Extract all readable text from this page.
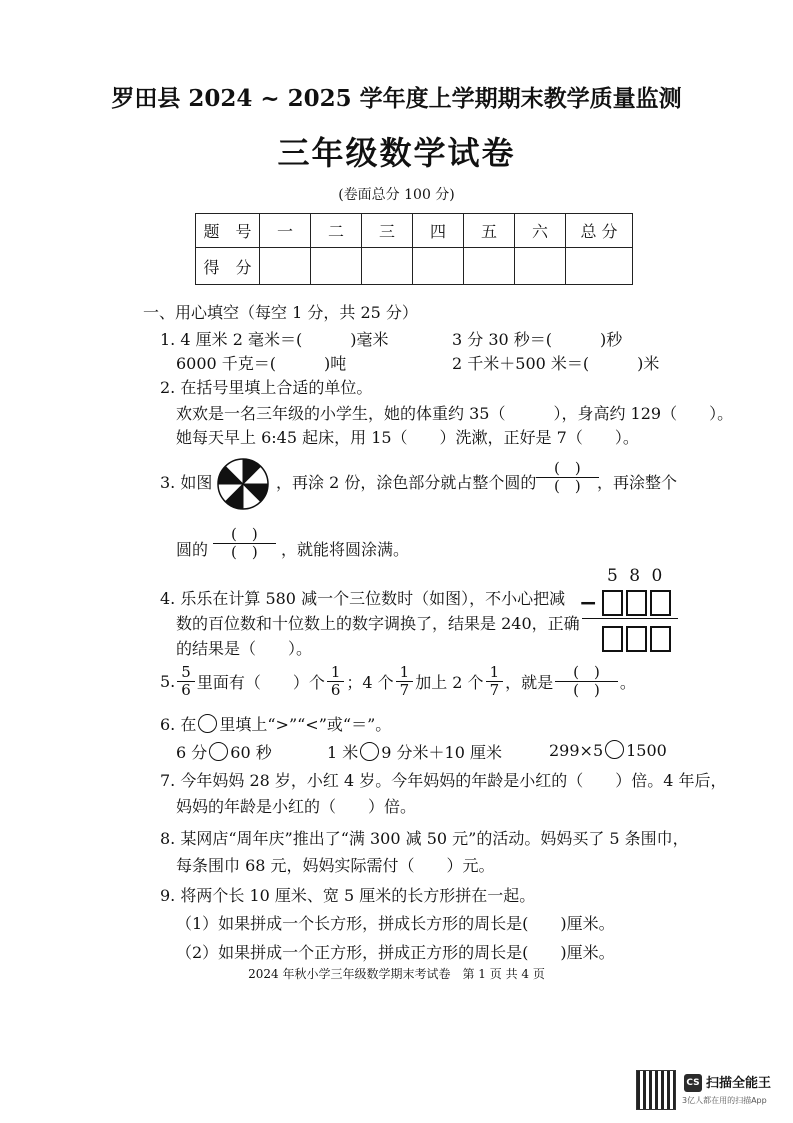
罗田县 2024 ~ 2025 学年度上学期期末教学质量监测
三年级数学试卷
(卷面总分 100 分)
题　号	一	二	三	四	五	六	总 分
得　分							
一、用心填空（每空 1 分，共 25 分）
1. 4 厘米 2 毫米＝(　　　)毫米	3 分 30 秒＝(　　　)秒
6000 千克＝(　　　)吨	2 千米＋500 米＝(　　　)米
2. 在括号里填上合适的单位。
欢欢是一名三年级的小学生，她的体重约 35（　　　），身高约 129（　　）。
她每天早上 6:45 起床，用 15（　　）洗漱，正好是 7（　　）。
3. 如图	，再涂 2 份，涂色部分就占整个圆的
(　)
(　)	，再涂整个
圆的
(　)
(　)	，就能将圆涂满。
4. 乐乐在计算 580 减一个三位数时（如图），不小心把减
数的百位数和十位数上的数字调换了，结果是 240，正确
的结果是（　　）。
5 8 0
−
5. $\frac{5}{6}$ 里面有（　　）个 $\frac{1}{6}$ ；4 个 $\frac{1}{7}$ 加上 2 个 $\frac{1}{7}$ ，就是 $\frac{( )}{( )}$ 。
6. 在 里填上“>”“<”或“＝”。
6 分 60 秒	1 米 9 分米＋10 厘米	299×5 1500
7. 今年妈妈 28 岁，小红 4 岁。今年妈妈的年龄是小红的（　　）倍。4 年后，
妈妈的年龄是小红的（　　）倍。
8. 某网店“周年庆”推出了“满 300 减 50 元”的活动。妈妈买了 5 条围巾，
每条围巾 68 元，妈妈实际需付（　　）元。
9. 将两个长 10 厘米、宽 5 厘米的长方形拼在一起。
（1）如果拼成一个长方形，拼成长方形的周长是(　　)厘米。
（2）如果拼成一个正方形，拼成正方形的周长是(　　)厘米。
2024 年秋小学三年级数学期末考试卷　第 1 页 共 4 页
CS 扫描全能王
3亿人都在用的扫描App
